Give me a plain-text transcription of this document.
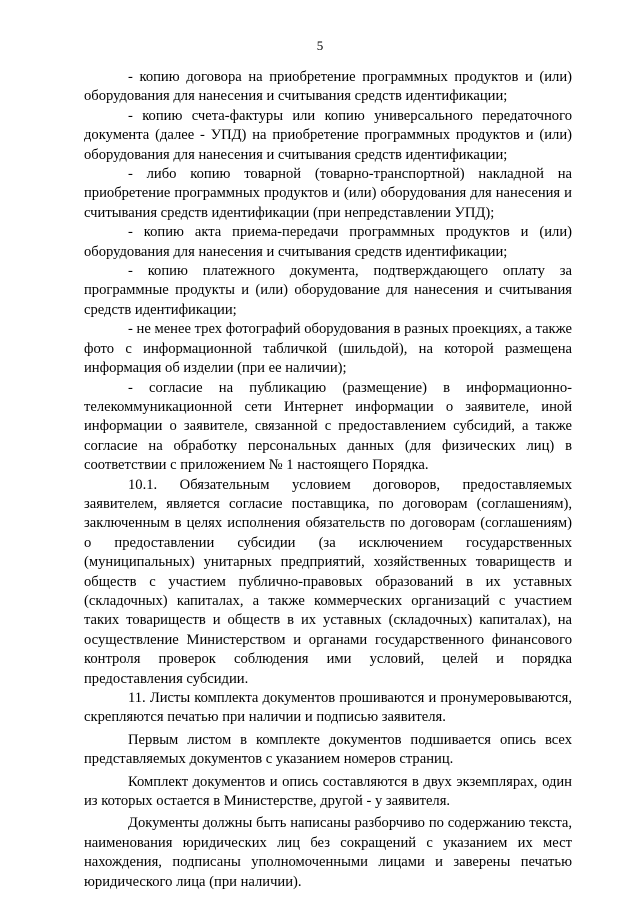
5

- копию договора на приобретение программных продуктов и (или) оборудования для нанесения и считывания средств идентификации;

- копию счета-фактуры или копию универсального передаточного документа (далее - УПД) на приобретение программных продуктов и (или) оборудования для нанесения и считывания средств идентификации;

- либо копию товарной (товарно-транспортной) накладной на приобретение программных продуктов и (или) оборудования для нанесения и считывания средств идентификации (при непредставлении УПД);

- копию акта приема-передачи программных продуктов и (или) оборудования для нанесения и считывания средств идентификации;

- копию платежного документа, подтверждающего оплату за программные продукты и (или) оборудование для нанесения и считывания средств идентификации;

- не менее трех фотографий оборудования в разных проекциях, а также фото с информационной табличкой (шильдой), на которой размещена информация об изделии (при ее наличии);

- согласие на публикацию (размещение) в информационно-телекоммуникационной сети Интернет информации о заявителе, иной информации о заявителе, связанной с предоставлением субсидий, а также согласие на обработку персональных данных (для физических лиц) в соответствии с приложением № 1 настоящего Порядка.

10.1. Обязательным условием договоров, предоставляемых заявителем, является согласие поставщика, по договорам (соглашениям), заключенным в целях исполнения обязательств по договорам (соглашениям) о предоставлении субсидии (за исключением государственных (муниципальных) унитарных предприятий, хозяйственных товариществ и обществ с участием публично-правовых образований в их уставных (складочных) капиталах, а также коммерческих организаций с участием таких товариществ и обществ в их уставных (складочных) капиталах), на осуществление Министерством и органами государственного финансового контроля проверок соблюдения ими условий, целей и порядка предоставления субсидии.

11. Листы комплекта документов прошиваются и пронумеровываются, скрепляются печатью при наличии и подписью заявителя.

Первым листом в комплекте документов подшивается опись всех представляемых документов с указанием номеров страниц.

Комплект документов и опись составляются в двух экземплярах, один из которых остается в Министерстве, другой - у заявителя.

Документы должны быть написаны разборчиво по содержанию текста, наименования юридических лиц без сокращений с указанием их мест нахождения, подписаны уполномоченными лицами и заверены печатью юридического лица (при наличии).
